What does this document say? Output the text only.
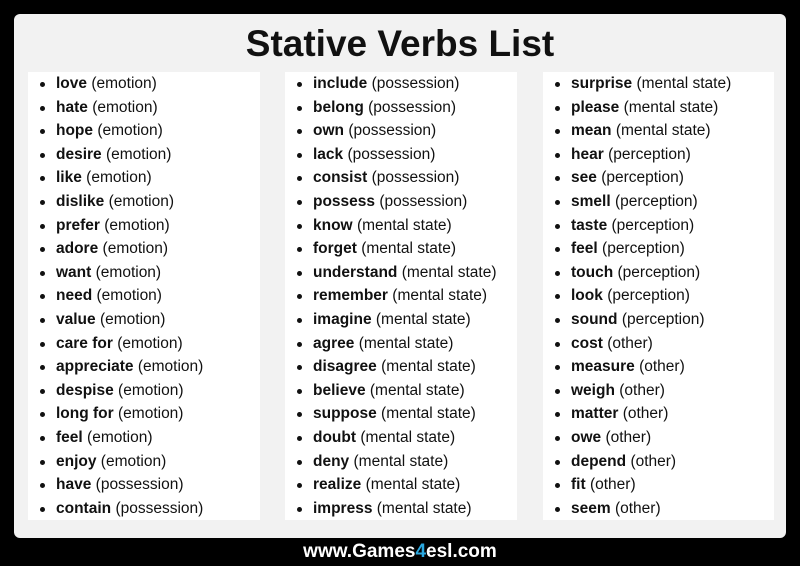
Stative Verbs List
love (emotion)
hate (emotion)
hope (emotion)
desire (emotion)
like (emotion)
dislike (emotion)
prefer (emotion)
adore (emotion)
want (emotion)
need (emotion)
value (emotion)
care for (emotion)
appreciate (emotion)
despise (emotion)
long for (emotion)
feel (emotion)
enjoy (emotion)
have (possession)
contain (possession)
include (possession)
belong (possession)
own (possession)
lack (possession)
consist (possession)
possess (possession)
know (mental state)
forget (mental state)
understand (mental state)
remember (mental state)
imagine (mental state)
agree (mental state)
disagree (mental state)
believe (mental state)
suppose (mental state)
doubt (mental state)
deny (mental state)
realize (mental state)
impress (mental state)
surprise (mental state)
please (mental state)
mean (mental state)
hear (perception)
see (perception)
smell (perception)
taste (perception)
feel (perception)
touch (perception)
look (perception)
sound (perception)
cost (other)
measure (other)
weigh (other)
matter (other)
owe (other)
depend (other)
fit (other)
seem (other)
www.Games4esl.com
